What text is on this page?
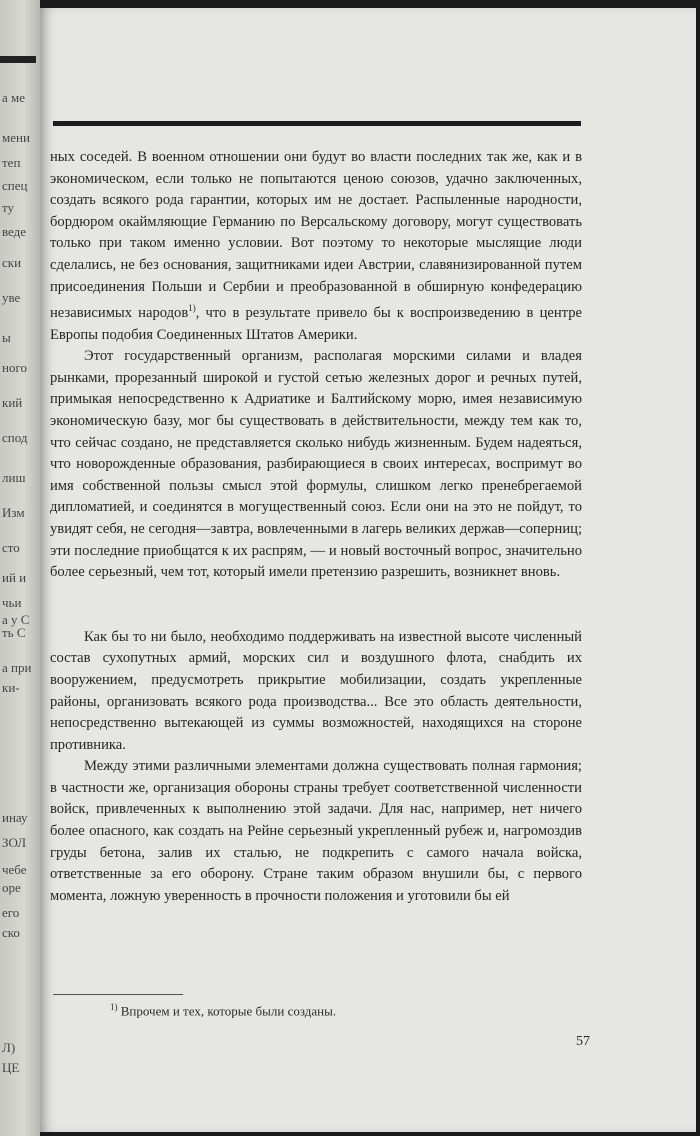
а ме
мени
теп
спец
ту
веде
ски
уве
ы
ного
кий
спод
лиш
Изм
сто
ий и
чьи
а у С
ть С
а при
ки-
инау
ЗОЛ
чебе
оре
его
ско
Л)
ЦЕ

ных соседей. В военном отношении они будут во власти последних так же, как и в экономическом, если только не попытаются ценою союзов, удачно заключенных, создать всякого рода гарантии, которых им не достает. Распыленные народности, бордюром окаймляющие Германию по Версальскому договору, могут существовать только при таком именно условии. Вот поэтому то некоторые мыслящие люди сделались, не без основания, защитниками идеи Австрии, славянизированной путем присоединения Польши и Сербии и преобразованной в обширную конфедерацию независимых народов$^{1)}$, что в результате привело бы к воспроизведению в центре Европы подобия Соединенных Штатов Америки.

Этот государственный организм, располагая морскими силами и владея рынками, прорезанный широкой и густой сетью железных дорог и речных путей, примыкая непосредственно к Адриатике и Балтийскому морю, имея независимую экономическую базу, мог бы существовать в действительности, между тем как то, что сейчас создано, не представляется сколько нибудь жизненным. Будем надеяться, что новорожденные образования, разбирающиеся в своих интересах, воспримут во имя собственной пользы смысл этой формулы, слишком легко пренебрегаемой дипломатией, и соединятся в могущественный союз. Если они на это не пойдут, то увидят себя, не сегодня—завтра, вовлеченными в лагерь великих держав—соперниц; эти последние приобщатся к их распрям, — и новый восточный вопрос, значительно более серьезный, чем тот, который имели претензию разрешить, возникнет вновь.

Как бы то ни было, необходимо поддерживать на известной высоте численный состав сухопутных армий, морских сил и воздушного флота, снабдить их вооружением, предусмотреть прикрытие мобилизации, создать укрепленные районы, организовать всякого рода производства... Все это область деятельности, непосредственно вытекающей из суммы возможностей, находящихся на стороне противника.

Между этими различными элементами должна существовать полная гармония; в частности же, организация обороны страны требует соответственной численности войск, привлеченных к выполнению этой задачи. Для нас, например, нет ничего более опасного, как создать на Рейне серьезный укрепленный рубеж и, нагромоздив груды бетона, залив их сталью, не подкрепить с самого начала войска, ответственные за его оборону. Стране таким образом внушили бы, с первого момента, ложную уверенность в прочности положения и уготовили бы ей

$^{1)}$ Впрочем и тех, которые были созданы.
57
